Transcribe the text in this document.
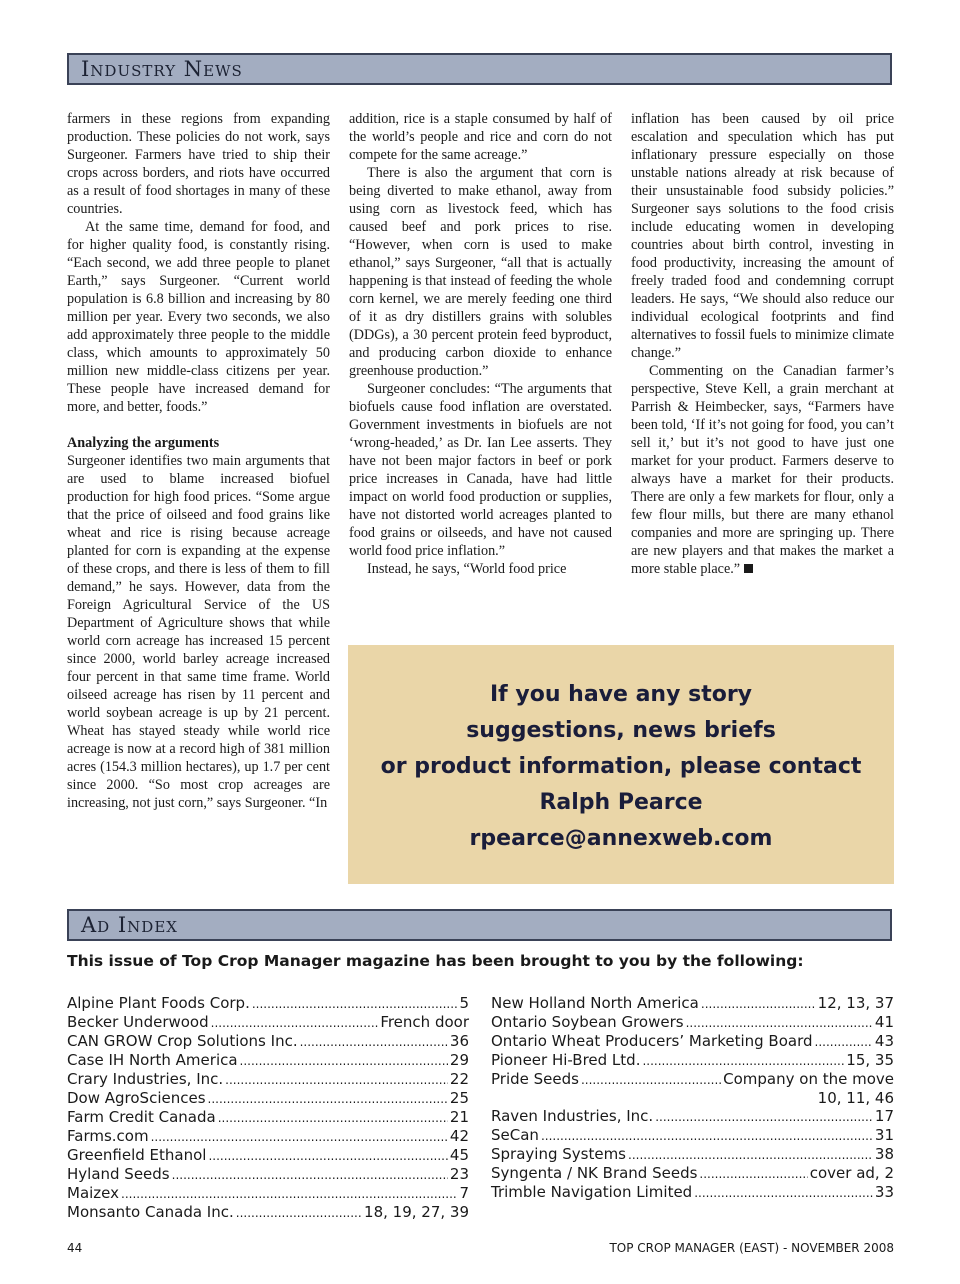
Industry News

farmers in these regions from expanding production. These policies do not work, says Surgeoner. Farmers have tried to ship their crops across borders, and riots have occurred as a result of food shortages in many of these countries.

At the same time, demand for food, and for higher quality food, is constantly rising. “Each second, we add three people to planet Earth,” says Surgeoner. “Current world population is 6.8 billion and increasing by 80 million per year. Every two seconds, we also add approximately three people to the middle class, which amounts to approximately 50 million new middle-class citizens per year. These people have increased demand for more, and better, foods.”

Analyzing the arguments

Surgeoner identifies two main arguments that are used to blame increased biofuel production for high food prices. “Some argue that the price of oilseed and food grains like wheat and rice is rising because acreage planted for corn is expanding at the expense of these crops, and there is less of them to fill demand,” he says. However, data from the Foreign Agricultural Service of the US Department of Agriculture shows that while world corn acreage has increased 15 percent since 2000, world barley acreage increased four percent in that same time frame. World oilseed acreage has risen by 11 percent and world soybean acreage is up by 21 percent. Wheat has stayed steady while world rice acreage is now at a record high of 381 million acres (154.3 million hectares), up 1.7 per cent since 2000. “So most crop acreages are increasing, not just corn,” says Surgeoner. “In

addition, rice is a staple consumed by half of the world’s people and rice and corn do not compete for the same acreage.”

There is also the argument that corn is being diverted to make ethanol, away from using corn as livestock feed, which has caused beef and pork prices to rise. “However, when corn is used to make ethanol,” says Surgeoner, “all that is actually happening is that instead of feeding the whole corn kernel, we are merely feeding one third of it as dry distillers grains with solubles (DDGs), a 30 percent protein feed byproduct, and producing carbon dioxide to enhance greenhouse production.”

Surgeoner concludes: “The arguments that biofuels cause food inflation are overstated. Government investments in biofuels are not ‘wrong-headed,’ as Dr. Ian Lee asserts. They have not been major factors in beef or pork price increases in Canada, have had little impact on world food production or supplies, have not distorted world acreages planted to food grains or oilseeds, and have not caused world food price inflation.”

Instead, he says, “World food price

inflation has been caused by oil price escalation and speculation which has put inflationary pressure especially on those unstable nations already at risk because of their unsustainable food subsidy policies.” Surgeoner says solutions to the food crisis include educating women in developing countries about birth control, investing in food productivity, increasing the amount of freely traded food and condemning corrupt leaders. He says, “We should also reduce our individual ecological footprints and find alternatives to fossil fuels to minimize climate change.”

Commenting on the Canadian farmer’s perspective, Steve Kell, a grain merchant at Parrish & Heimbecker, says, “Farmers have been told, ‘If it’s not going for food, you can’t sell it,’ but it’s not good to have just one market for your product. Farmers deserve to always have a market for their products. There are only a few markets for flour, only a few flour mills, but there are many ethanol companies and more are springing up. There are new players and that makes the market a more stable place.”

If you have any story
suggestions, news briefs
or product information, please contact
Ralph Pearce
rpearce@annexweb.com
Ad Index
This issue of Top Crop Manager magazine has been brought to you by the following:
Alpine Plant Foods Corp. .....	5
Becker Underwood .....	French door
CAN GROW Crop Solutions Inc. .....	36
Case IH North America .....	29
Crary Industries, Inc. .....	22
Dow AgroSciences .....	25
Farm Credit Canada .....	21
Farms.com .....	42
Greenfield Ethanol .....	45
Hyland Seeds .....	23
Maizex .....	7
Monsanto Canada Inc. .....	18, 19, 27, 39
New Holland North America .....	12, 13, 37
Ontario Soybean Growers .....	41
Ontario Wheat Producers’ Marketing Board .....	43
Pioneer Hi-Bred Ltd. .....	15, 35
Pride Seeds .....	Company on the move
10, 11, 46
Raven Industries, Inc. .....	17
SeCan .....	31
Spraying Systems .....	38
Syngenta / NK Brand Seeds .....	cover ad, 2
Trimble Navigation Limited .....	33
44	TOP CROP MANAGER (EAST) - NOVEMBER 2008
